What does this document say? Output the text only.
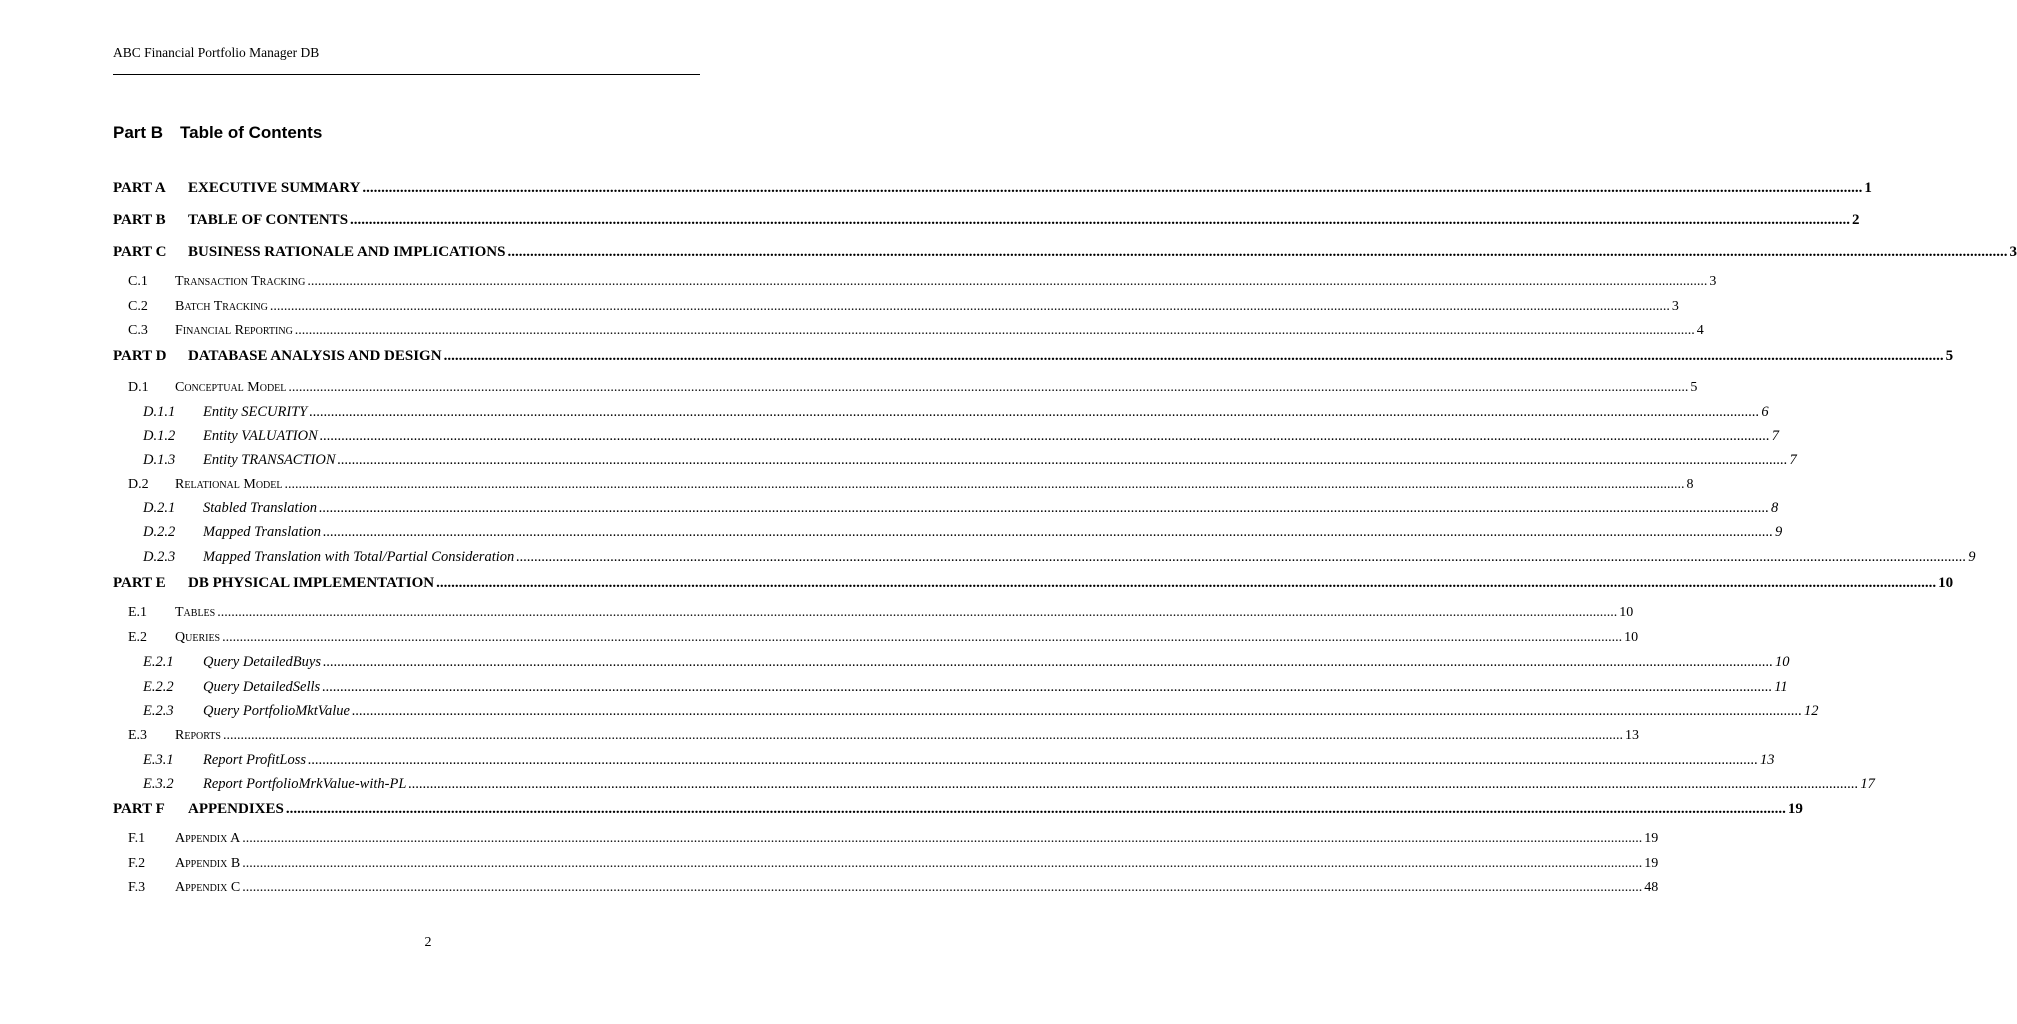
ABC Financial Portfolio Manager DB
Part B Table of Contents
PART A EXECUTIVE SUMMARY ................................................................................................................................................................................................................................................................................................................................................................................................................ 1
PART B TABLE OF CONTENTS ................................................................................................................................................................................................................................................................................................................................................................................................................ 2
PART C BUSINESS RATIONALE AND IMPLICATIONS ................................................................................................................................................................................................................................................................................................................................................................................................................ 3
C.1 Transaction Tracking ................................................................................................................................................................................................................................................................................................................................................................................................................ 3
C.2 Batch Tracking ................................................................................................................................................................................................................................................................................................................................................................................................................ 3
C.3 Financial Reporting ................................................................................................................................................................................................................................................................................................................................................................................................................ 4
PART D DATABASE ANALYSIS AND DESIGN ................................................................................................................................................................................................................................................................................................................................................................................................................ 5
D.1 Conceptual Model ................................................................................................................................................................................................................................................................................................................................................................................................................ 5
D.1.1 Entity SECURITY ................................................................................................................................................................................................................................................................................................................................................................................................................ 6
D.1.2 Entity VALUATION ................................................................................................................................................................................................................................................................................................................................................................................................................ 7
D.1.3 Entity TRANSACTION ................................................................................................................................................................................................................................................................................................................................................................................................................ 7
D.2 Relational Model ................................................................................................................................................................................................................................................................................................................................................................................................................ 8
D.2.1 Stabled Translation ................................................................................................................................................................................................................................................................................................................................................................................................................ 8
D.2.2 Mapped Translation ................................................................................................................................................................................................................................................................................................................................................................................................................ 9
D.2.3 Mapped Translation with Total/Partial Consideration ................................................................................................................................................................................................................................................................................................................................................................................................................ 9
PART E DB PHYSICAL IMPLEMENTATION ................................................................................................................................................................................................................................................................................................................................................................................................................ 10
E.1 Tables ................................................................................................................................................................................................................................................................................................................................................................................................................ 10
E.2 Queries ................................................................................................................................................................................................................................................................................................................................................................................................................ 10
E.2.1 Query DetailedBuys ................................................................................................................................................................................................................................................................................................................................................................................................................ 10
E.2.2 Query DetailedSells ................................................................................................................................................................................................................................................................................................................................................................................................................ 11
E.2.3 Query PortfolioMktValue ................................................................................................................................................................................................................................................................................................................................................................................................................ 12
E.3 Reports ................................................................................................................................................................................................................................................................................................................................................................................................................ 13
E.3.1 Report ProfitLoss ................................................................................................................................................................................................................................................................................................................................................................................................................ 13
E.3.2 Report PortfolioMrkValue-with-PL ................................................................................................................................................................................................................................................................................................................................................................................................................ 17
PART F APPENDIXES ................................................................................................................................................................................................................................................................................................................................................................................................................ 19
F.1 Appendix A ................................................................................................................................................................................................................................................................................................................................................................................................................ 19
F.2 Appendix B ................................................................................................................................................................................................................................................................................................................................................................................................................ 19
F.3 Appendix C ................................................................................................................................................................................................................................................................................................................................................................................................................ 48
2
